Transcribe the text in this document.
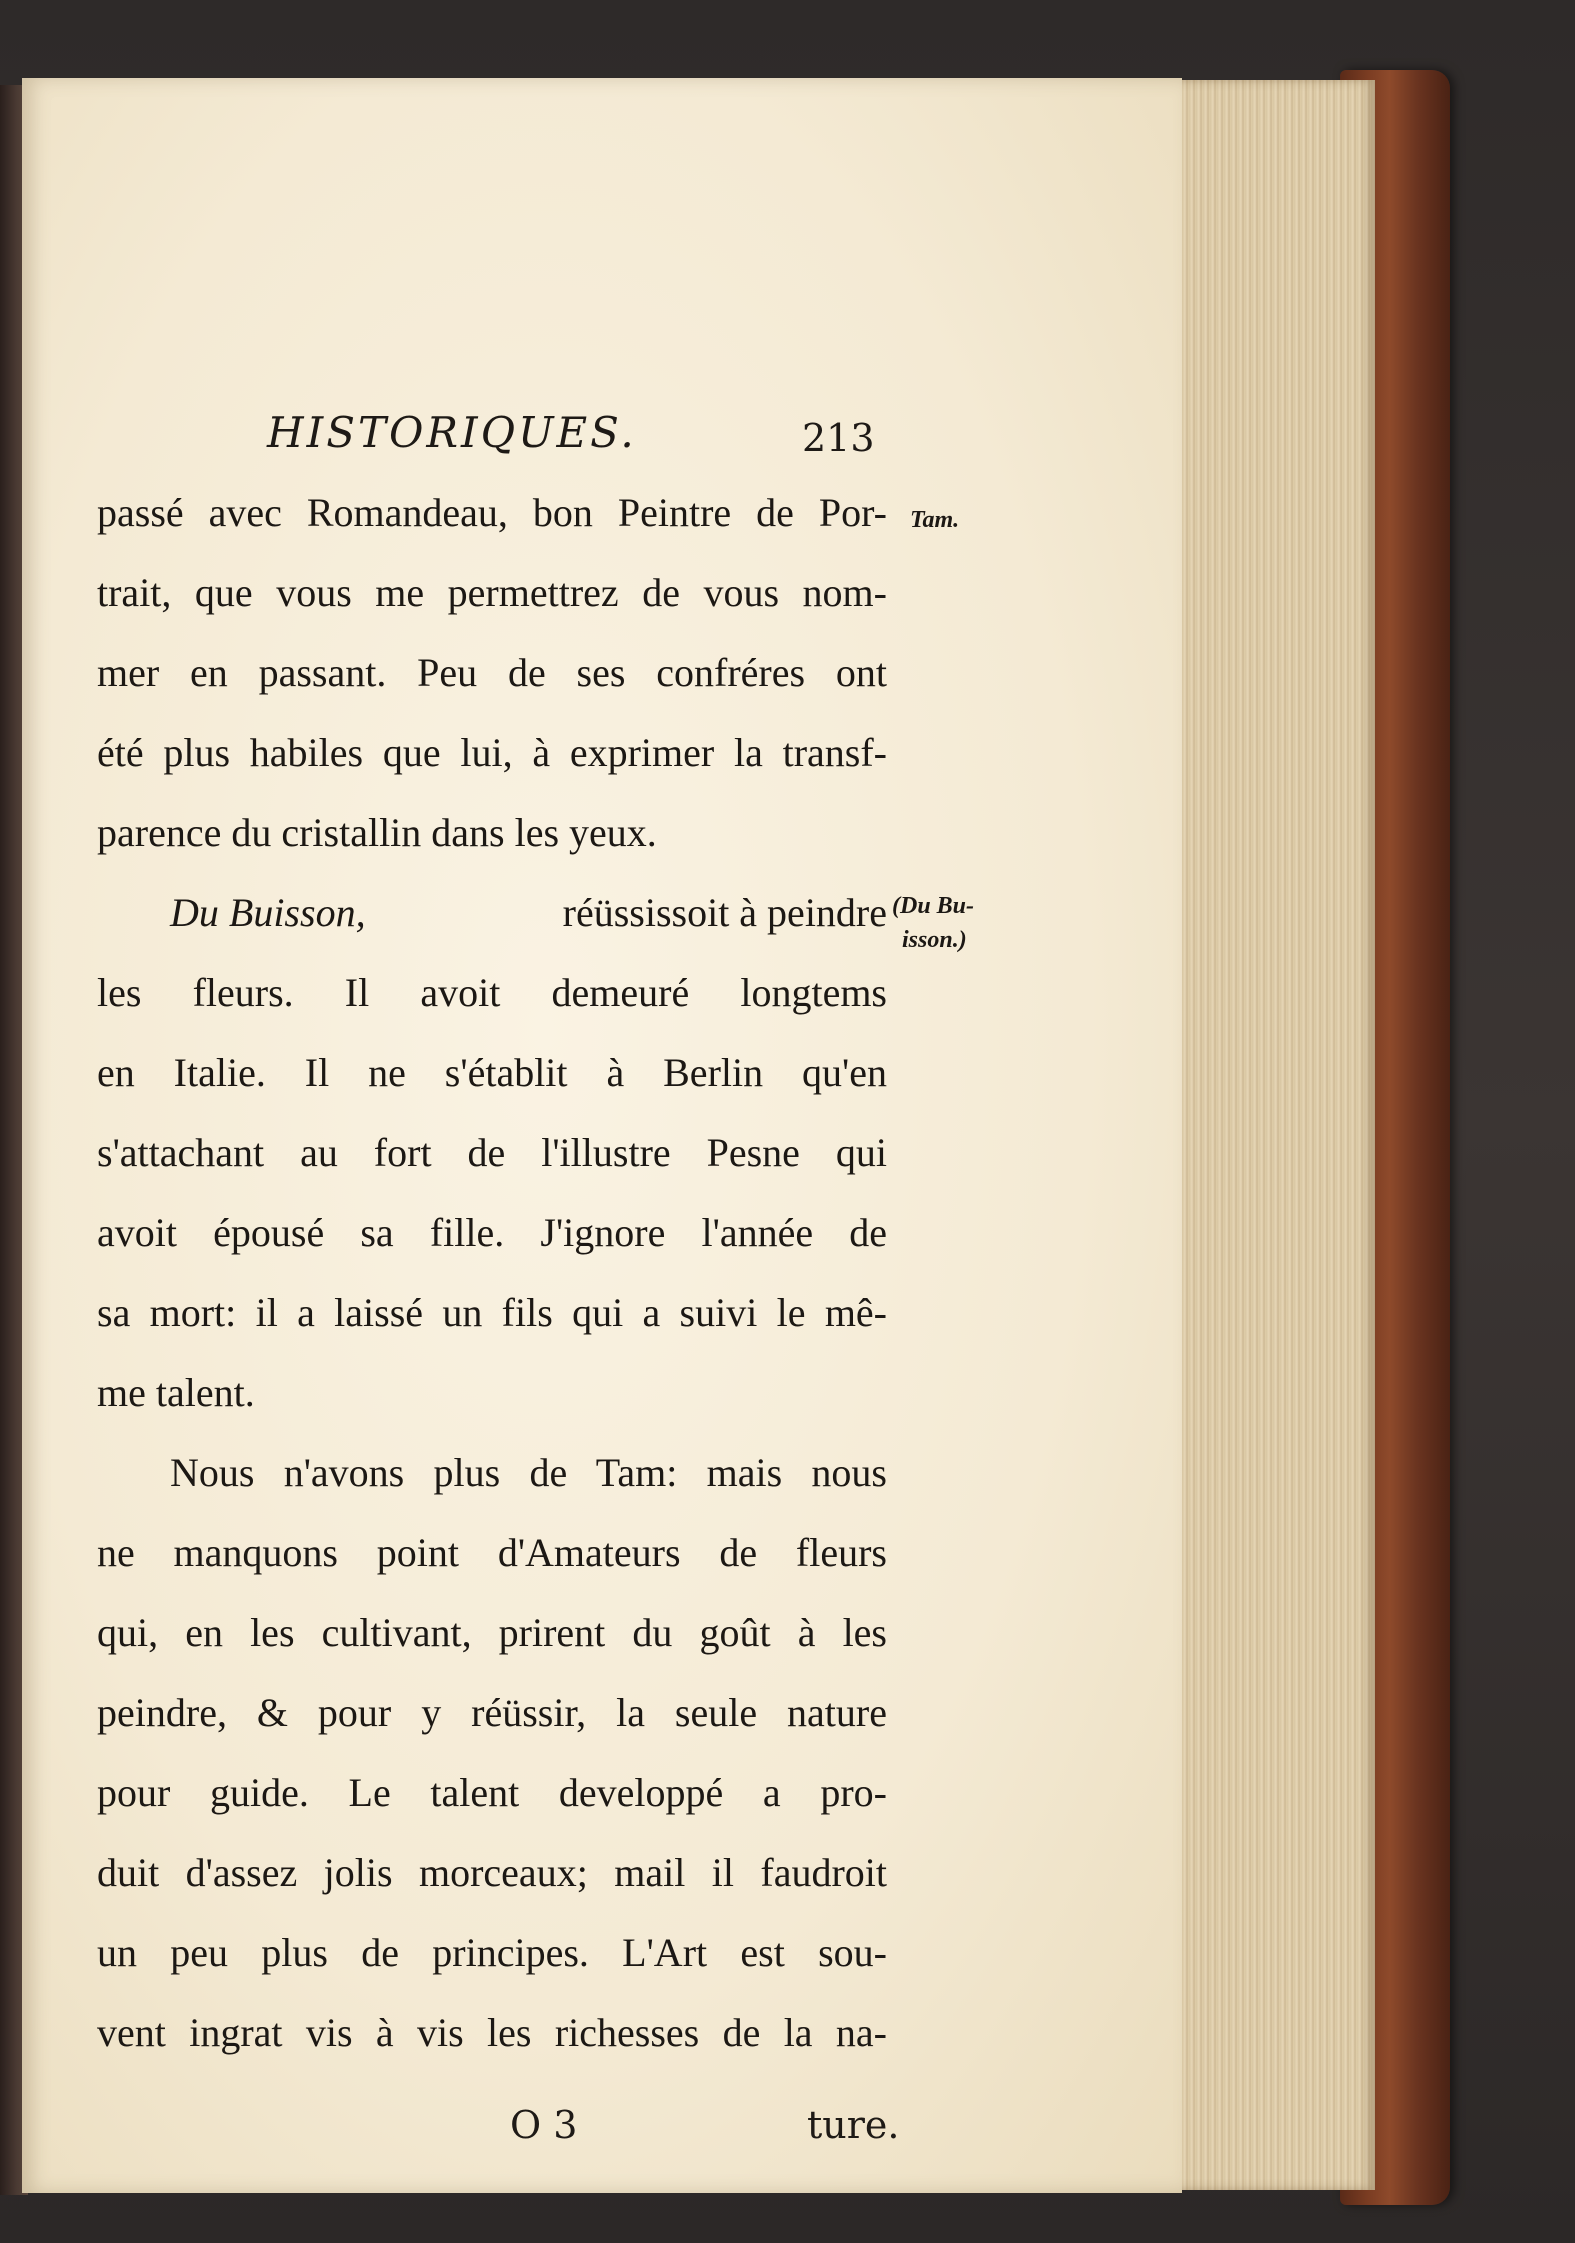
HISTORIQUES.	213
passé avec Romandeau, bon Peintre de Por-
trait, que vous me permettrez de vous nom-
mer en passant. Peu de ses confréres ont
été plus habiles que lui, à exprimer la transf-
parence du cristallin dans les yeux.
Du Buisson,	réüssissoit à peindre
les fleurs. Il avoit demeuré longtems
en Italie. Il ne s'établit à Berlin qu'en
s'attachant au fort de l'illustre Pesne qui
avoit épousé sa fille. J'ignore l'année de
sa mort: il a laissé un fils qui a suivi le mê-
me talent.
Nous n'avons plus de Tam: mais nous
ne manquons point d'Amateurs de fleurs
qui, en les cultivant, prirent du goût à les
peindre, & pour y réüssir, la seule nature
pour guide. Le talent developpé a pro-
duit d'assez jolis morceaux; mail il faudroit
Tam.
(Du Bu-
isson.)
un peu plus de principes. L'Art est sou-
vent ingrat vis à vis les richesses de la na-
O 3	ture.
